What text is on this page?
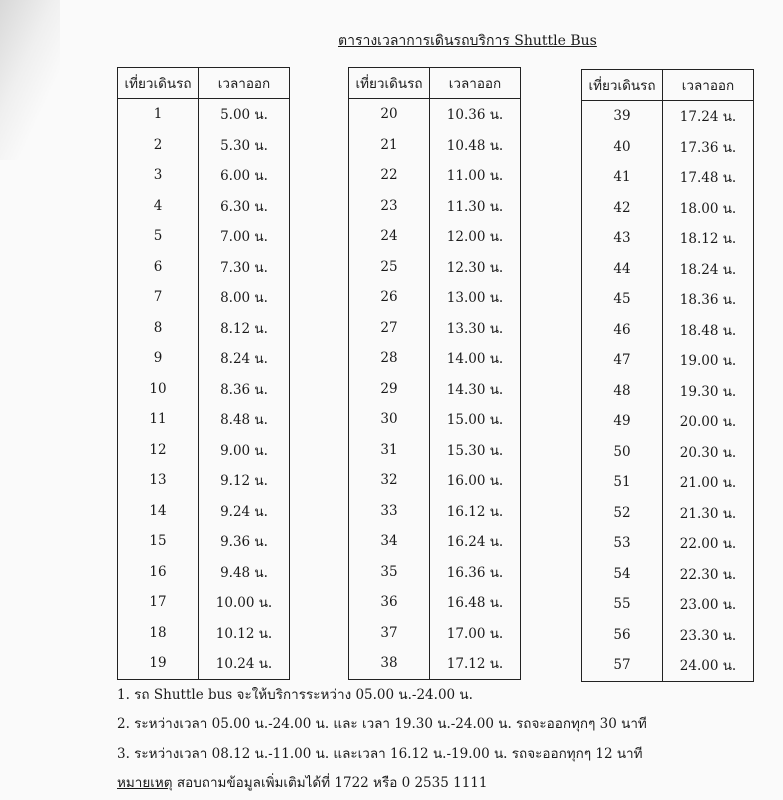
ตารางเวลาการเดินรถบริการ Shuttle Bus
เที่ยวเดินรถ	เวลาออก
1	5.00 น.
2	5.30 น.
3	6.00 น.
4	6.30 น.
5	7.00 น.
6	7.30 น.
7	8.00 น.
8	8.12 น.
9	8.24 น.
10	8.36 น.
11	8.48 น.
12	9.00 น.
13	9.12 น.
14	9.24 น.
15	9.36 น.
16	9.48 น.
17	10.00 น.
18	10.12 น.
19	10.24 น.
เที่ยวเดินรถ	เวลาออก
20	10.36 น.
21	10.48 น.
22	11.00 น.
23	11.30 น.
24	12.00 น.
25	12.30 น.
26	13.00 น.
27	13.30 น.
28	14.00 น.
29	14.30 น.
30	15.00 น.
31	15.30 น.
32	16.00 น.
33	16.12 น.
34	16.24 น.
35	16.36 น.
36	16.48 น.
37	17.00 น.
38	17.12 น.
เที่ยวเดินรถ	เวลาออก
39	17.24 น.
40	17.36 น.
41	17.48 น.
42	18.00 น.
43	18.12 น.
44	18.24 น.
45	18.36 น.
46	18.48 น.
47	19.00 น.
48	19.30 น.
49	20.00 น.
50	20.30 น.
51	21.00 น.
52	21.30 น.
53	22.00 น.
54	22.30 น.
55	23.00 น.
56	23.30 น.
57	24.00 น.
1. รถ Shuttle bus จะให้บริการระหว่าง 05.00 น.-24.00 น.
2. ระหว่างเวลา 05.00 น.-24.00 น. และ เวลา 19.30 น.-24.00 น. รถจะออกทุกๆ 30 นาที
3. ระหว่างเวลา 08.12 น.-11.00 น. และเวลา 16.12 น.-19.00 น. รถจะออกทุกๆ 12 นาที
หมายเหตุ สอบถามข้อมูลเพิ่มเติมได้ที่ 1722 หรือ 0 2535 1111
